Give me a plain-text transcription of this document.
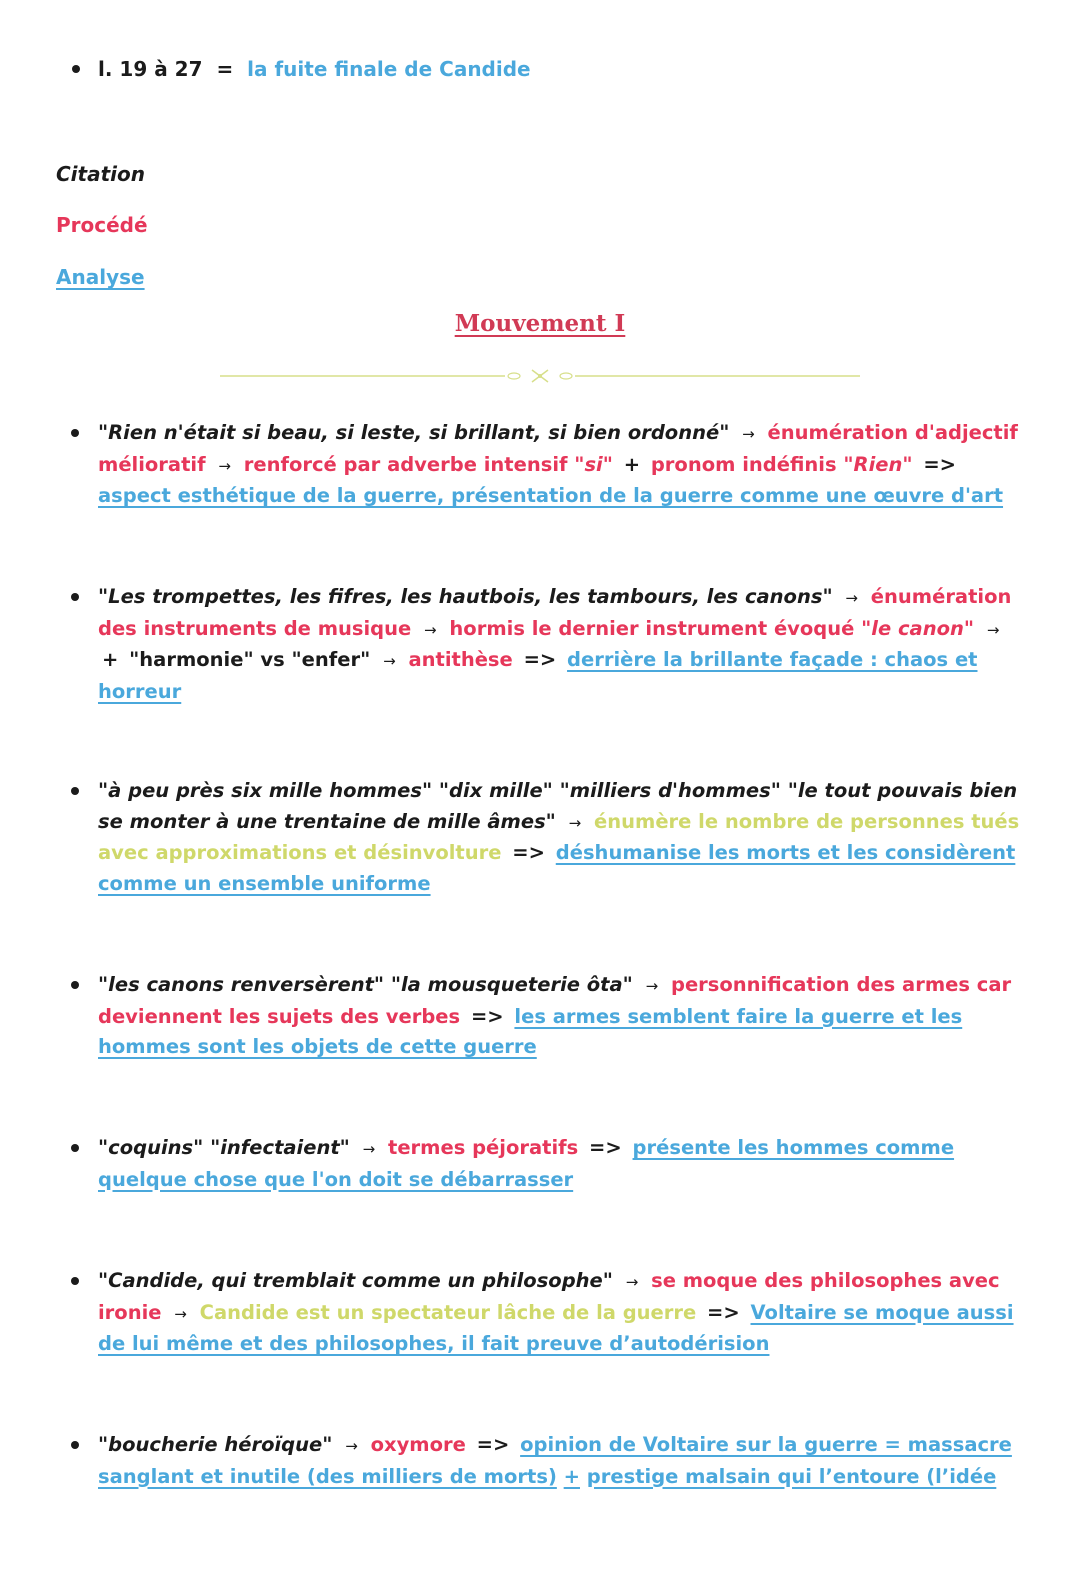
l. 19 à 27 = la fuite finale de Candide
Citation
Procédé
Analyse
Mouvement I
"Rien n'était si beau, si leste, si brillant, si bien ordonné" → énumération d'adjectif mélioratif → renforcé par adverbe intensif "si" + pronom indéfinis "Rien" => aspect esthétique de la guerre, présentation de la guerre comme une œuvre d'art
"Les trompettes, les fifres, les hautbois, les tambours, les canons" → énumération des instruments de musique → hormis le dernier instrument évoqué "le canon" → + "harmonie" vs "enfer" → antithèse => derrière la brillante façade : chaos et horreur
"à peu près six mille hommes" "dix mille" "milliers d'hommes" "le tout pouvais bien se monter à une trentaine de mille âmes" → énumère le nombre de personnes tués avec approximations et désinvolture => déshumanise les morts et les considèrent comme un ensemble uniforme
"les canons renversèrent" "la mousqueterie ôta" → personnification des armes car deviennent les sujets des verbes => les armes semblent faire la guerre et les hommes sont les objets de cette guerre
"coquins" "infectaient" → termes péjoratifs => présente les hommes comme quelque chose que l'on doit se débarrasser
"Candide, qui tremblait comme un philosophe" → se moque des philosophes avec ironie → Candide est un spectateur lâche de la guerre => Voltaire se moque aussi de lui même et des philosophes, il fait preuve d’autodérision
"boucherie héroïque" → oxymore => opinion de Voltaire sur la guerre = massacre sanglant et inutile (des milliers de morts) + prestige malsain qui l’entoure (l’idée
